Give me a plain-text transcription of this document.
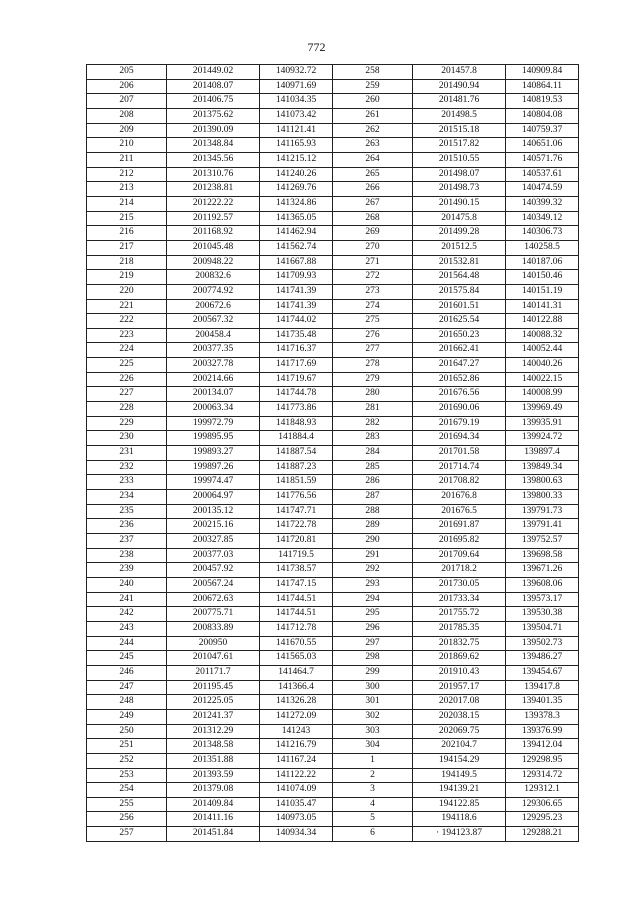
772
205	201449.02	140932.72	258	201457.8	140909.84
206	201408.07	140971.69	259	201490.94	140864.11
207	201406.75	141034.35	260	201481.76	140819.53
208	201375.62	141073.42	261	201498.5	140804.08
209	201390.09	141121.41	262	201515.18	140759.37
210	201348.84	141165.93	263	201517.82	140651.06
211	201345.56	141215.12	264	201510.55	140571.76
212	201310.76	141240.26	265	201498.07	140537.61
213	201238.81	141269.76	266	201498.73	140474.59
214	201222.22	141324.86	267	201490.15	140399.32
215	201192.57	141365.05	268	201475.8	140349.12
216	201168.92	141462.94	269	201499.28	140306.73
217	201045.48	141562.74	270	201512.5	140258.5
218	200948.22	141667.88	271	201532.81	140187.06
219	200832.6	141709.93	272	201564.48	140150.46
220	200774.92	141741.39	273	201575.84	140151.19
221	200672.6	141741.39	274	201601.51	140141.31
222	200567.32	141744.02	275	201625.54	140122.88
223	200458.4	141735.48	276	201650.23	140088.32
224	200377.35	141716.37	277	201662.41	140052.44
225	200327.78	141717.69	278	201647.27	140040.26
226	200214.66	141719.67	279	201652.86	140022.15
227	200134.07	141744.78	280	201676.56	140008.99
228	200063.34	141773.86	281	201690.06	139969.49
229	199972.79	141848.93	282	201679.19	139935.91
230	199895.95	141884.4	283	201694.34	139924.72
231	199893.27	141887.54	284	201701.58	139897.4
232	199897.26	141887.23	285	201714.74	139849.34
233	199974.47	141851.59	286	201708.82	139800.63
234	200064.97	141776.56	287	201676.8	139800.33
235	200135.12	141747.71	288	201676.5	139791.73
236	200215.16	141722.78	289	201691.87	139791.41
237	200327.85	141720.81	290	201695.82	139752.57
238	200377.03	141719.5	291	201709.64	139698.58
239	200457.92	141738.57	292	201718.2	139671.26
240	200567.24	141747.15	293	201730.05	139608.06
241	200672.63	141744.51	294	201733.34	139573.17
242	200775.71	141744.51	295	201755.72	139530.38
243	200833.89	141712.78	296	201785.35	139504.71
244	200950	141670.55	297	201832.75	139502.73
245	201047.61	141565.03	298	201869.62	139486.27
246	201171.7	141464.7	299	201910.43	139454.67
247	201195.45	141366.4	300	201957.17	139417.8
248	201225.05	141326.28	301	202017.08	139401.35
249	201241.37	141272.09	302	202038.15	139378.3
250	201312.29	141243	303	202069.75	139376.99
251	201348.58	141216.79	304	202104.7	139412.04
252	201351.88	141167.24	1	194154.29	129298.95
253	201393.59	141122.22	2	194149.5	129314.72
254	201379.08	141074.09	3	194139.21	129312.1
255	201409.84	141035.47	4	194122.85	129306.65
256	201411.16	140973.05	5	194118.6	129295.23
257	201451.84	140934.34	6	· 194123.87	129288.21
